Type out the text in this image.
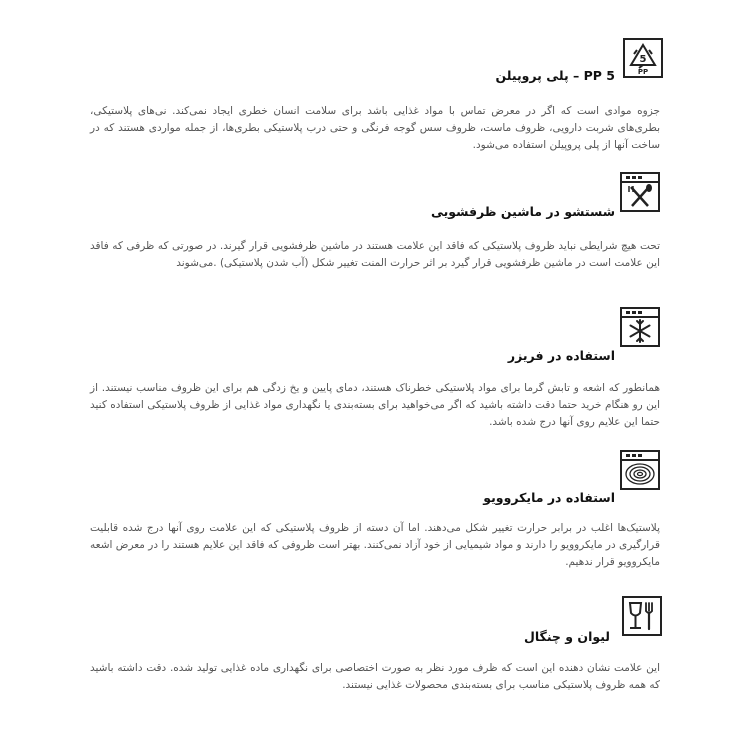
5
PP
PP 5 – پلی پروپیلن
جزوه موادی است که اگر در معرض تماس با مواد غذایی باشد برای سلامت انسان خطری ایجاد نمی‌کند. نی‌های پلاستیکی، بطری‌های شربت دارویی، ظروف ماست، ظروف سس گوجه فرنگی و حتی درب پلاستیکی بطری‌ها، از جمله مواردی هستند که در ساخت آنها از پلی پروپیلن استفاده می‌شود.
شستشو در ماشین ظرفشویی
تحت هیچ شرایطی نباید ظروف پلاستیکی که فاقد این علامت هستند در ماشین ظرفشویی قرار گیرند. در صورتی که ظرفی که فاقد این علامت است در ماشین ظرفشویی قرار گیرد بر اثر حرارت المنت تغییر شکل (آب شدن پلاستیکی) .می‌شوند
استفاده در فریزر
همانطور که اشعه و تابش گرما برای مواد پلاستیکی خطرناک هستند، دمای پایین و یخ زدگی هم برای این ظروف مناسب نیستند. از این رو هنگام خرید حتما دقت داشته باشید که اگر می‌خواهید برای بسته‌بندی یا نگهداری مواد غذایی از ظروف پلاستیکی استفاده کنید حتما این علایم روی آنها درج شده باشد.
استفاده در مایکروویو
پلاستیک‌ها اغلب در برابر حرارت تغییر شکل می‌دهند. اما آن دسته از ظروف پلاستیکی که این علامت روی آنها درج شده قابلیت قرارگیری در مایکروویو را دارند و مواد شیمیایی از خود آزاد نمی‌کنند. بهتر است ظروفی که فاقد این علایم هستند را در معرض اشعه مایکروویو قرار ندهیم.
لیوان و چنگال
این علامت نشان دهنده این است که ظرف مورد نظر به صورت اختصاصی برای نگهداری ماده غذایی تولید شده. دقت داشته باشید که همه ظروف پلاستیکی مناسب برای بسته‌بندی محصولات غذایی نیستند.
